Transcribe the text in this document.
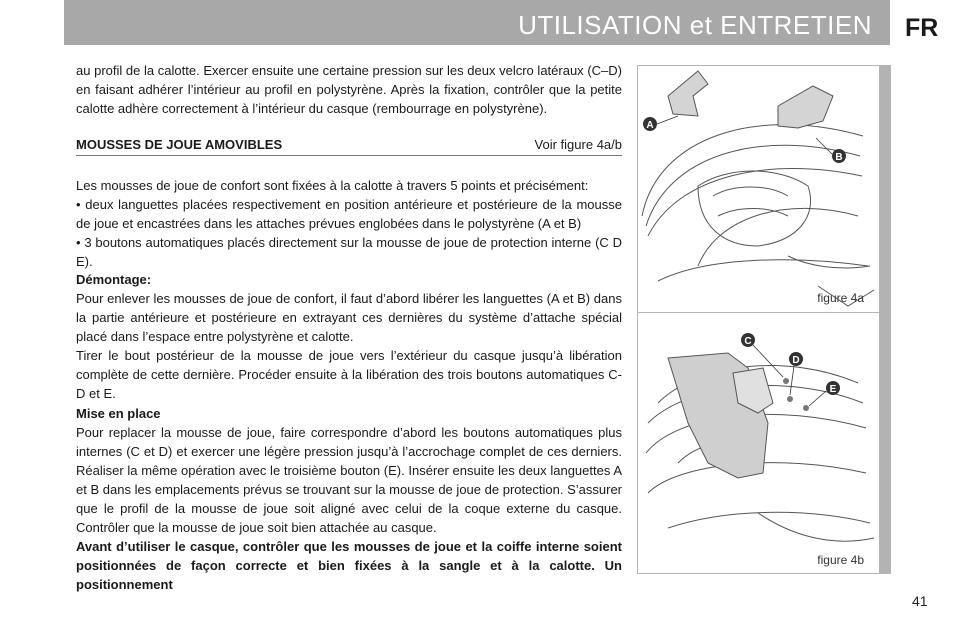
UTILISATION et ENTRETIEN FR

au profil de la calotte. Exercer ensuite une certaine pression sur les deux velcro latéraux (C–D) en faisant adhérer l’intérieur au profil en polystyrène. Après la fixation, contrôler que la petite calotte adhère correctement à l’intérieur du casque (rembourrage en polystyrène).

MOUSSES DE JOUE AMOVIBLES	Voir figure 4a/b

Les mousses de joue de confort sont fixées à la calotte à travers 5 points et précisément:

• deux languettes placées respectivement en position antérieure et postérieure de la mousse de joue et encastrées dans les attaches prévues englobées dans le polystyrène (A et B)

• 3 boutons automatiques placés directement sur la mousse de joue de protection interne (C D E).

Démontage:

Pour enlever les mousses de joue de confort, il faut d’abord libérer les languettes (A et B) dans la partie antérieure et postérieure en extrayant ces dernières du système d’attache spécial placé dans l’espace entre polystyrène et calotte.

Tirer le bout postérieur de la mousse de joue vers l’extérieur du casque jusqu’à libération complète de cette dernière. Procéder ensuite à la libération des trois boutons automatiques C-D et E.

Mise en place

Pour replacer la mousse de joue, faire correspondre d’abord les boutons automatiques plus internes (C et D) et exercer une légère pression jusqu’à l’accrochage complet de ces derniers. Réaliser la même opération avec le troisième bouton (E). Insérer ensuite les deux languettes A et B dans les emplacements prévus se trouvant sur la mousse de joue de protection. S’assurer que le profil de la mousse de joue soit aligné avec celui de la coque externe du casque. Contrôler que la mousse de joue soit bien attachée au casque.

Avant d’utiliser le casque, contrôler que les mousses de joue et la coiffe interne soient positionnées de façon correcte et bien fixées à la sangle et à la calotte. Un positionnement

A
B
figure 4a
C
D
E
figure 4b
41
